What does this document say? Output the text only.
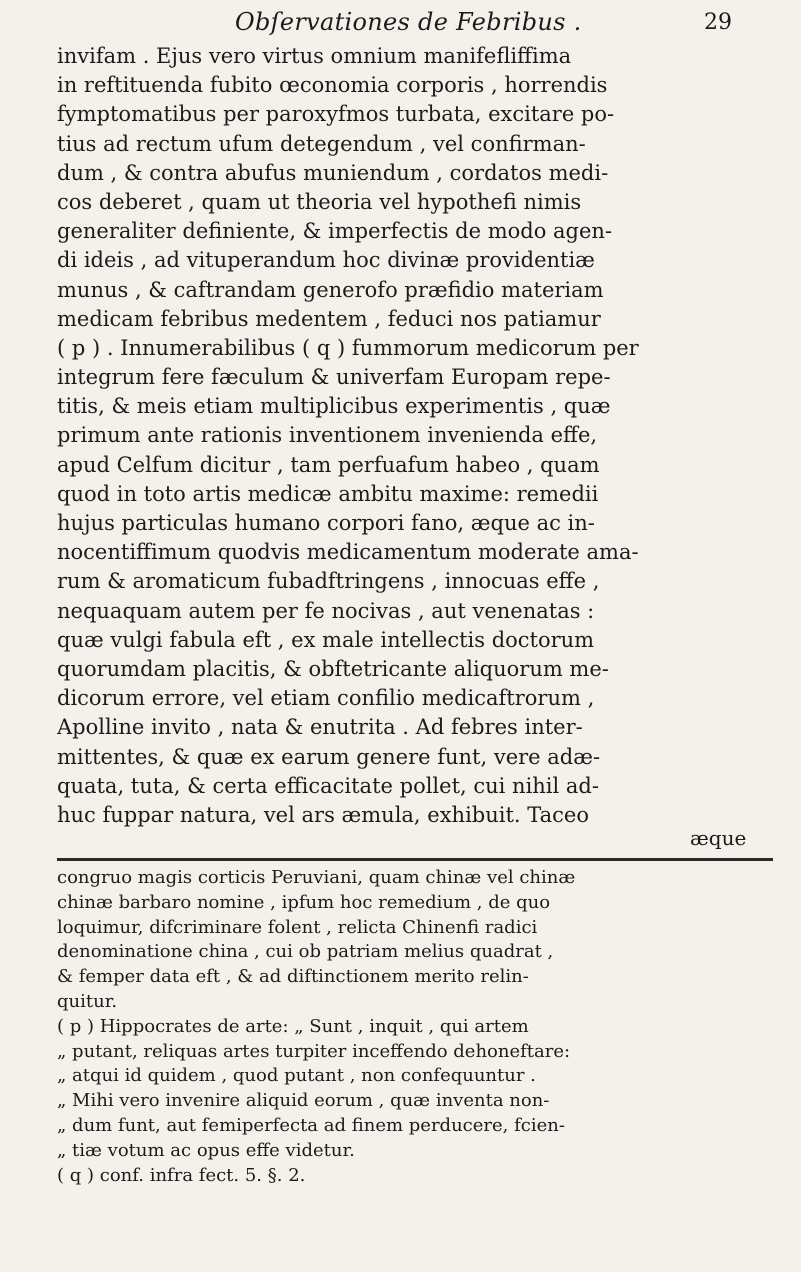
Obſervationes de Febribus .	29
invifam . Ejus vero virtus omnium manifefliffima
in reftituenda fubito œconomia corporis , horrendis
fymptomatibus per paroxyfmos turbata, excitare po-
tius ad rectum ufum detegendum , vel confirman-
dum , & contra abufus muniendum , cordatos medi-
cos deberet , quam ut theoria vel hypothefi nimis
generaliter definiente, & imperfectis de modo agen-
di ideis , ad vituperandum hoc divinæ providentiæ
munus , & caftrandam generofo præfidio materiam
medicam febribus medentem , feduci nos patiamur
( p ) . Innumerabilibus ( q ) fummorum medicorum per
integrum fere fæculum & univerfam Europam repe-
titis, & meis etiam multiplicibus experimentis , quæ
primum ante rationis inventionem invenienda effe,
apud Celfum dicitur , tam perfuafum habeo , quam
quod in toto artis medicæ ambitu maxime: remedii
hujus particulas humano corpori fano, æque ac in-
nocentiffimum quodvis medicamentum moderate ama-
rum & aromaticum fubadftringens , innocuas effe ,
nequaquam autem per fe nocivas , aut venenatas :
quæ vulgi fabula eft , ex male intellectis doctorum
quorumdam placitis, & obftetricante aliquorum me-
dicorum errore, vel etiam confilio medicaftrorum ,
Apolline invito , nata & enutrita . Ad febres inter-
mittentes, & quæ ex earum genere funt, vere adæ-
quata, tuta, & certa efficacitate pollet, cui nihil ad-
huc fuppar natura, vel ars æmula, exhibuit. Taceo
æque
congruo magis corticis Peruviani, quam chinæ vel chinæ
chinæ barbaro nomine , ipfum hoc remedium , de quo
loquimur, difcriminare folent , relicta Chinenfi radici
denominatione china , cui ob patriam melius quadrat ,
& femper data eft , & ad diftinctionem merito relin-
quitur.
( p ) Hippocrates de arte: „ Sunt , inquit , qui artem
„ putant, reliquas artes turpiter inceffendo dehoneftare:
„ atqui id quidem , quod putant , non confequuntur .
„ Mihi vero invenire aliquid eorum , quæ inventa non-
„ dum funt, aut femiperfecta ad finem perducere, fcien-
„ tiæ votum ac opus effe videtur.
( q ) conf. infra fect. 5. §. 2.
